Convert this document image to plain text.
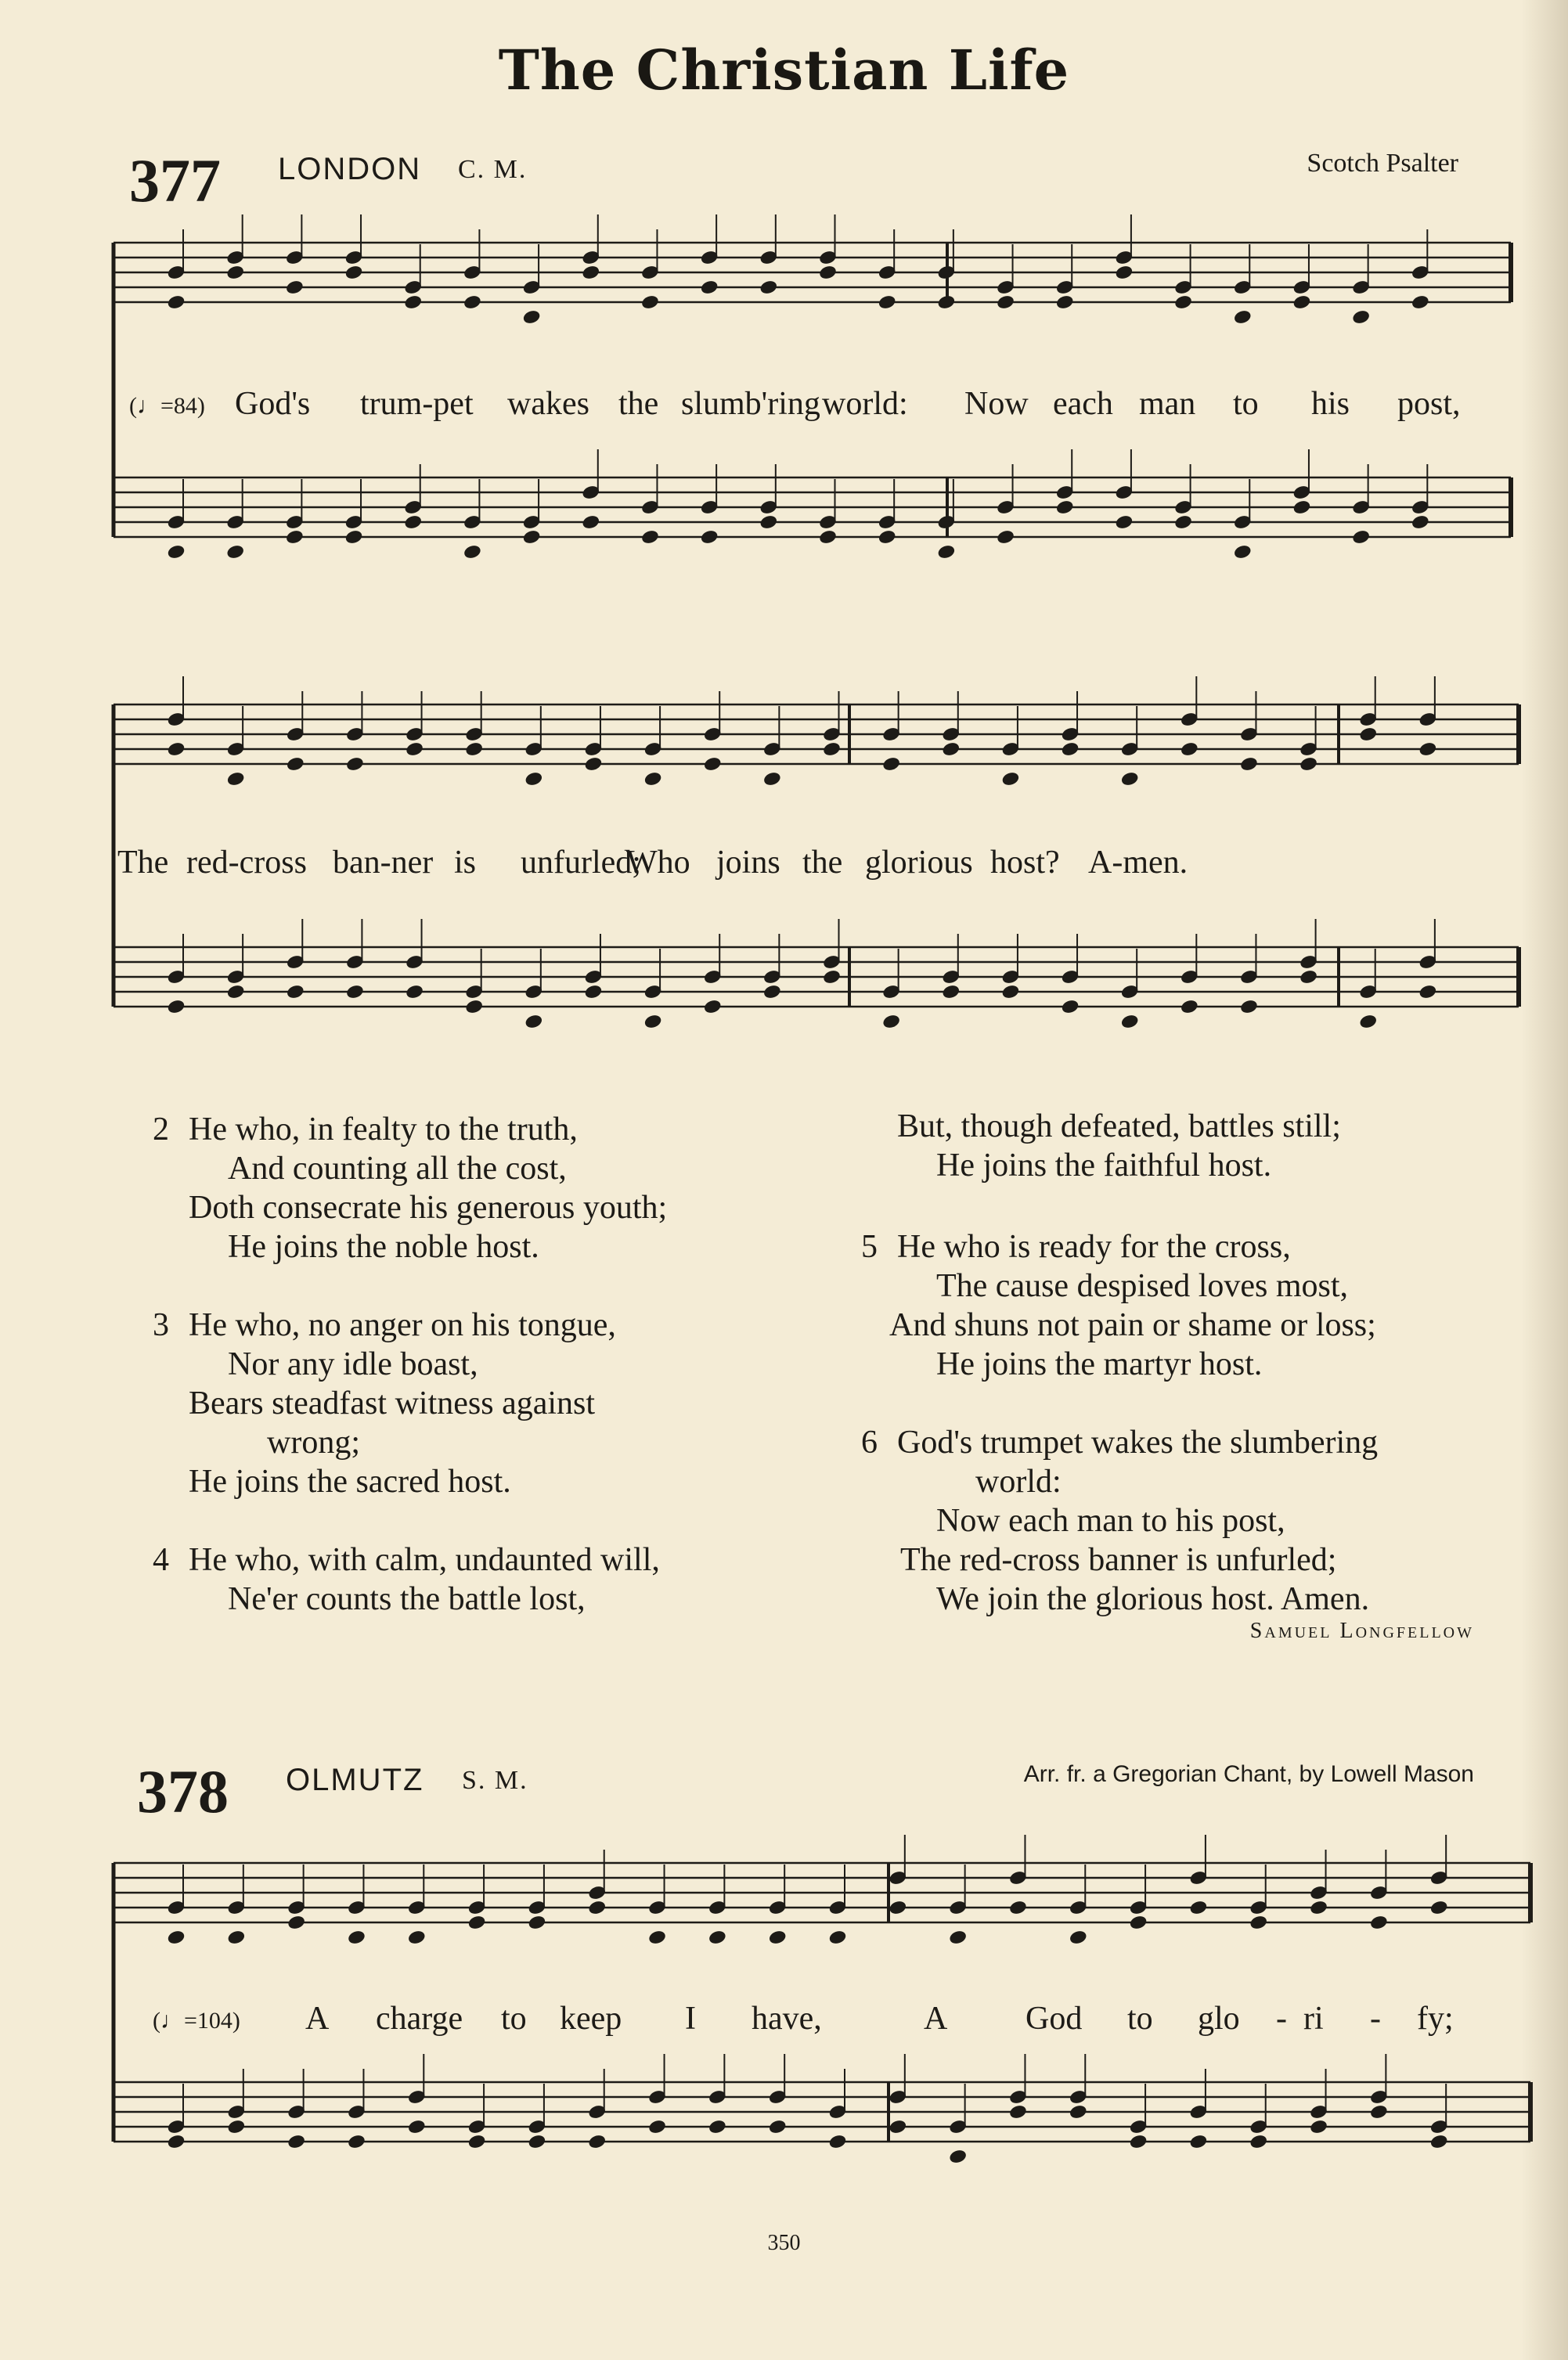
The Christian Life
377 LONDON C. M.	Scotch Psalter
(♩=84) God's trum-pet wakes the slumb'ring world: Now each man to his post,
The red-cross ban-ner is unfurled;
Who joins the glorious host? A-men.
2 He who, in fealty to the truth,
And counting all the cost,
Doth consecrate his generous youth;
He joins the noble host.
3 He who, no anger on his tongue,
Nor any idle boast,
Bears steadfast witness against
wrong;
He joins the sacred host.
4 He who, with calm, undaunted will,
Ne'er counts the battle lost,
But, though defeated, battles still;
He joins the faithful host.
5 He who is ready for the cross,
The cause despised loves most,
And shuns not pain or shame or loss;
He joins the martyr host.
6 God's trumpet wakes the slumbering
world:
Now each man to his post,
The red-cross banner is unfurled;
We join the glorious host. Amen.
Samuel Longfellow
378 OLMUTZ S. M.	Arr. fr. a Gregorian Chant, by Lowell Mason
(♩=104) A charge to keep I have,	A God to glo - ri - fy;
350
